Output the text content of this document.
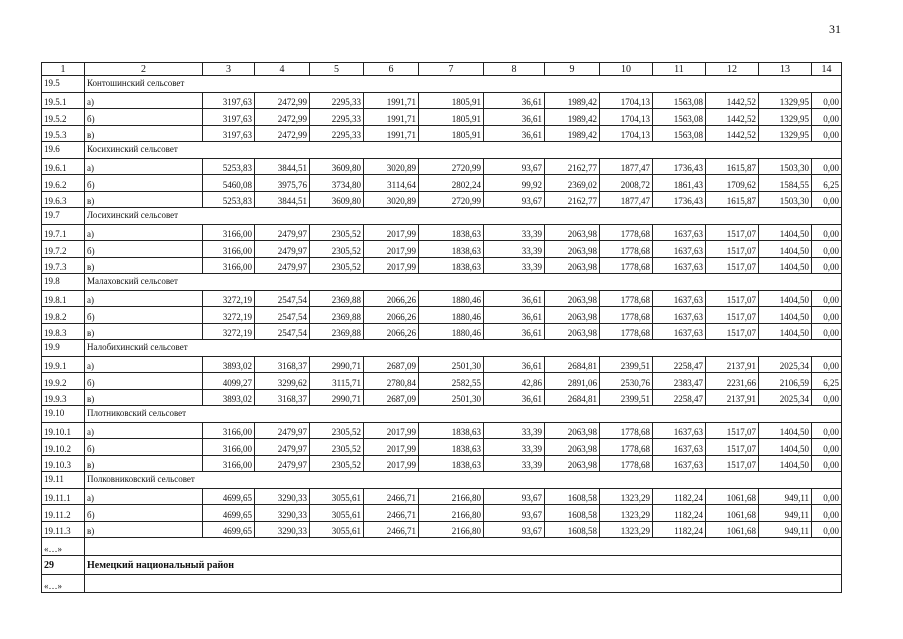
31
1	2	3	4	5	6	7	8	9	10	11	12	13	14
19.5	Контошинский сельсовет												
19.5.1	а)	3197,63	2472,99	2295,33	1991,71	1805,91	36,61	1989,42	1704,13	1563,08	1442,52	1329,95	0,00
19.5.2	б)	3197,63	2472,99	2295,33	1991,71	1805,91	36,61	1989,42	1704,13	1563,08	1442,52	1329,95	0,00
19.5.3	в)	3197,63	2472,99	2295,33	1991,71	1805,91	36,61	1989,42	1704,13	1563,08	1442,52	1329,95	0,00
19.6	Косихинский сельсовет												
19.6.1	а)	5253,83	3844,51	3609,80	3020,89	2720,99	93,67	2162,77	1877,47	1736,43	1615,87	1503,30	0,00
19.6.2	б)	5460,08	3975,76	3734,80	3114,64	2802,24	99,92	2369,02	2008,72	1861,43	1709,62	1584,55	6,25
19.6.3	в)	5253,83	3844,51	3609,80	3020,89	2720,99	93,67	2162,77	1877,47	1736,43	1615,87	1503,30	0,00
19.7	Лосихинский сельсовет												
19.7.1	а)	3166,00	2479,97	2305,52	2017,99	1838,63	33,39	2063,98	1778,68	1637,63	1517,07	1404,50	0,00
19.7.2	б)	3166,00	2479,97	2305,52	2017,99	1838,63	33,39	2063,98	1778,68	1637,63	1517,07	1404,50	0,00
19.7.3	в)	3166,00	2479,97	2305,52	2017,99	1838,63	33,39	2063,98	1778,68	1637,63	1517,07	1404,50	0,00
19.8	Малаховский сельсовет												
19.8.1	а)	3272,19	2547,54	2369,88	2066,26	1880,46	36,61	2063,98	1778,68	1637,63	1517,07	1404,50	0,00
19.8.2	б)	3272,19	2547,54	2369,88	2066,26	1880,46	36,61	2063,98	1778,68	1637,63	1517,07	1404,50	0,00
19.8.3	в)	3272,19	2547,54	2369,88	2066,26	1880,46	36,61	2063,98	1778,68	1637,63	1517,07	1404,50	0,00
19.9	Налобихинский сельсовет												
19.9.1	а)	3893,02	3168,37	2990,71	2687,09	2501,30	36,61	2684,81	2399,51	2258,47	2137,91	2025,34	0,00
19.9.2	б)	4099,27	3299,62	3115,71	2780,84	2582,55	42,86	2891,06	2530,76	2383,47	2231,66	2106,59	6,25
19.9.3	в)	3893,02	3168,37	2990,71	2687,09	2501,30	36,61	2684,81	2399,51	2258,47	2137,91	2025,34	0,00
19.10	Плотниковский сельсовет												
19.10.1	а)	3166,00	2479,97	2305,52	2017,99	1838,63	33,39	2063,98	1778,68	1637,63	1517,07	1404,50	0,00
19.10.2	б)	3166,00	2479,97	2305,52	2017,99	1838,63	33,39	2063,98	1778,68	1637,63	1517,07	1404,50	0,00
19.10.3	в)	3166,00	2479,97	2305,52	2017,99	1838,63	33,39	2063,98	1778,68	1637,63	1517,07	1404,50	0,00
19.11	Полковниковский сельсовет												
19.11.1	а)	4699,65	3290,33	3055,61	2466,71	2166,80	93,67	1608,58	1323,29	1182,24	1061,68	949,11	0,00
19.11.2	б)	4699,65	3290,33	3055,61	2466,71	2166,80	93,67	1608,58	1323,29	1182,24	1061,68	949,11	0,00
19.11.3	в)	4699,65	3290,33	3055,61	2466,71	2166,80	93,67	1608,58	1323,29	1182,24	1061,68	949,11	0,00
«…»													
29	Немецкий национальный район												
«…»													
